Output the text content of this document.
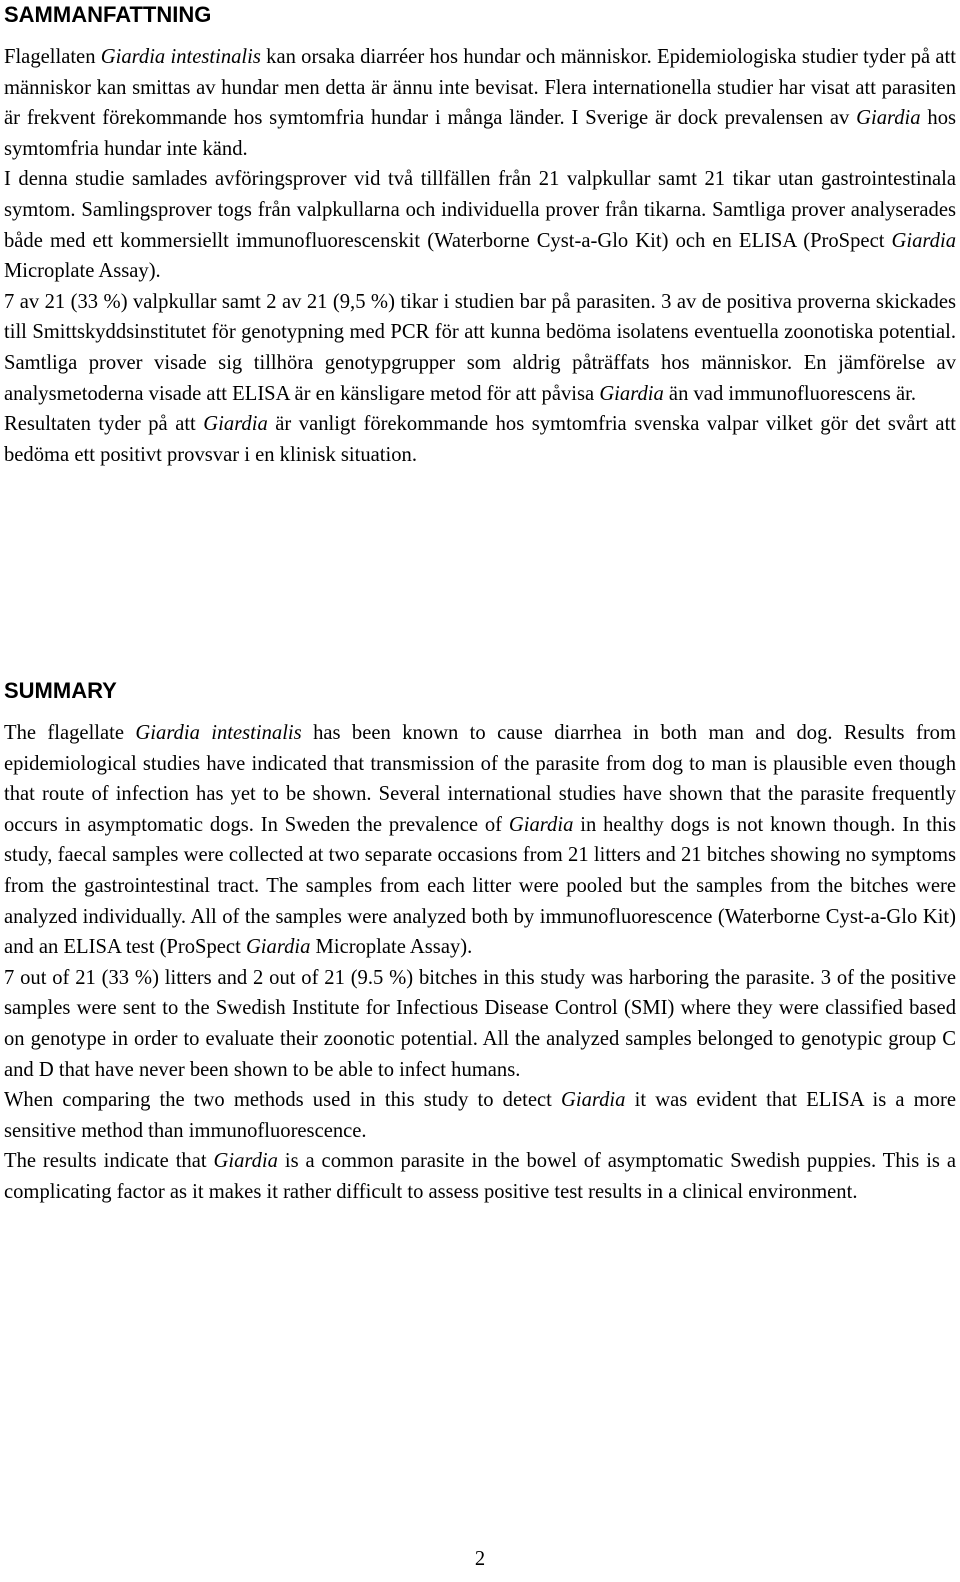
SAMMANFATTNING

Flagellaten Giardia intestinalis kan orsaka diarréer hos hundar och människor. Epidemiologiska studier tyder på att människor kan smittas av hundar men detta är ännu inte bevisat. Flera internationella studier har visat att parasiten är frekvent förekommande hos symtomfria hundar i många länder. I Sverige är dock prevalensen av Giardia hos symtomfria hundar inte känd.

I denna studie samlades avföringsprover vid två tillfällen från 21 valpkullar samt 21 tikar utan gastrointestinala symtom. Samlingsprover togs från valpkullarna och individuella prover från tikarna. Samtliga prover analyserades både med ett kommersiellt immunofluorescenskit (Waterborne Cyst-a-Glo Kit) och en ELISA (ProSpect Giardia Microplate Assay).

7 av 21 (33 %) valpkullar samt 2 av 21 (9,5 %) tikar i studien bar på parasiten. 3 av de positiva proverna skickades till Smittskyddsinstitutet för genotypning med PCR för att kunna bedöma isolatens eventuella zoonotiska potential. Samtliga prover visade sig tillhöra genotypgrupper som aldrig påträffats hos människor. En jämförelse av analysmetoderna visade att ELISA är en känsligare metod för att påvisa Giardia än vad immunofluorescens är.

Resultaten tyder på att Giardia är vanligt förekommande hos symtomfria svenska valpar vilket gör det svårt att bedöma ett positivt provsvar i en klinisk situation.

SUMMARY

The flagellate Giardia intestinalis has been known to cause diarrhea in both man and dog. Results from epidemiological studies have indicated that transmission of the parasite from dog to man is plausible even though that route of infection has yet to be shown. Several international studies have shown that the parasite frequently occurs in asymptomatic dogs. In Sweden the prevalence of Giardia in healthy dogs is not known though. In this study, faecal samples were collected at two separate occasions from 21 litters and 21 bitches showing no symptoms from the gastrointestinal tract. The samples from each litter were pooled but the samples from the bitches were analyzed individually. All of the samples were analyzed both by immunofluorescence (Waterborne Cyst-a-Glo Kit) and an ELISA test (ProSpect Giardia Microplate Assay).

7 out of 21 (33 %) litters and 2 out of 21 (9.5 %) bitches in this study was harboring the parasite. 3 of the positive samples were sent to the Swedish Institute for Infectious Disease Control (SMI) where they were classified based on genotype in order to evaluate their zoonotic potential. All the analyzed samples belonged to genotypic group C and D that have never been shown to be able to infect humans.

When comparing the two methods used in this study to detect Giardia it was evident that ELISA is a more sensitive method than immunofluorescence.

The results indicate that Giardia is a common parasite in the bowel of asymptomatic Swedish puppies. This is a complicating factor as it makes it rather difficult to assess positive test results in a clinical environment.

2
